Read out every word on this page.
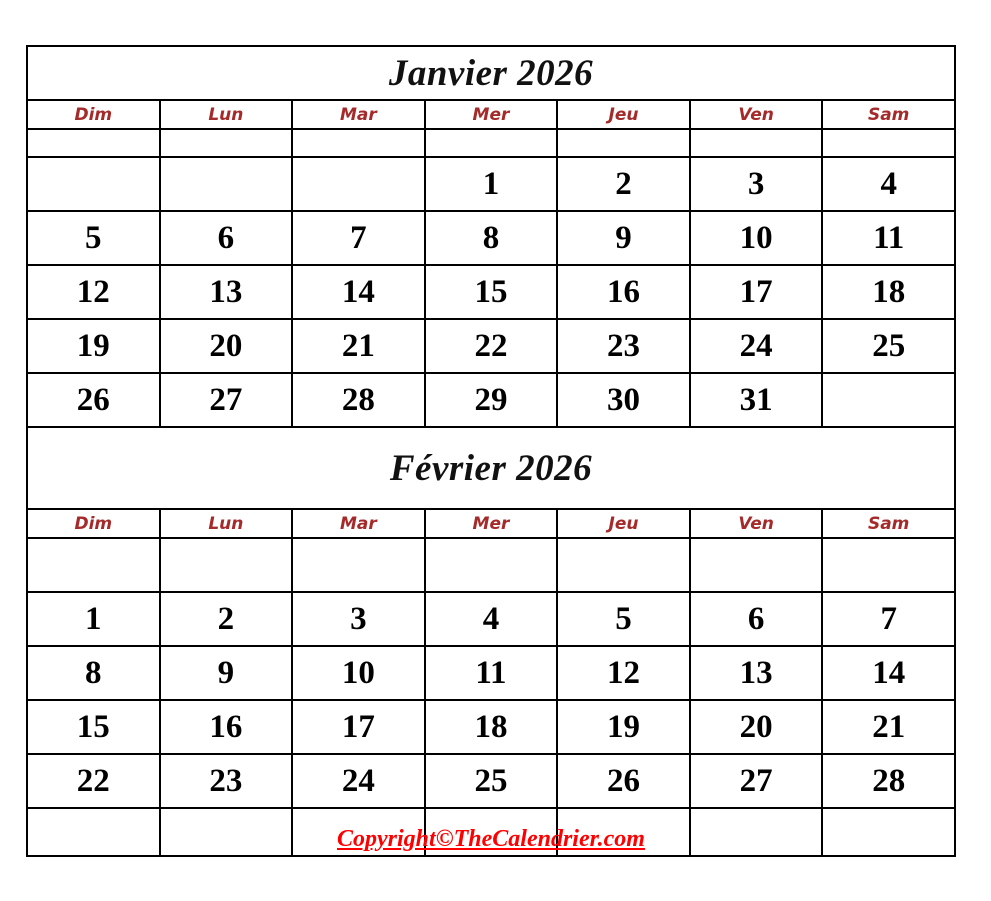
Janvier 2026						
Dim	Lun	Mar	Mer	Jeu	Ven	Sam

			1	2	3	4
5	6	7	8	9	10	11
12	13	14	15	16	17	18
19	20	21	22	23	24	25
26	27	28	29	30	31	
Février 2026						
Dim	Lun	Mar	Mer	Jeu	Ven	Sam

1	2	3	4	5	6	7
8	9	10	11	12	13	14
15	16	17	18	19	20	21
22	23	24	25	26	27	28

Copyright©TheCalendrier.com
